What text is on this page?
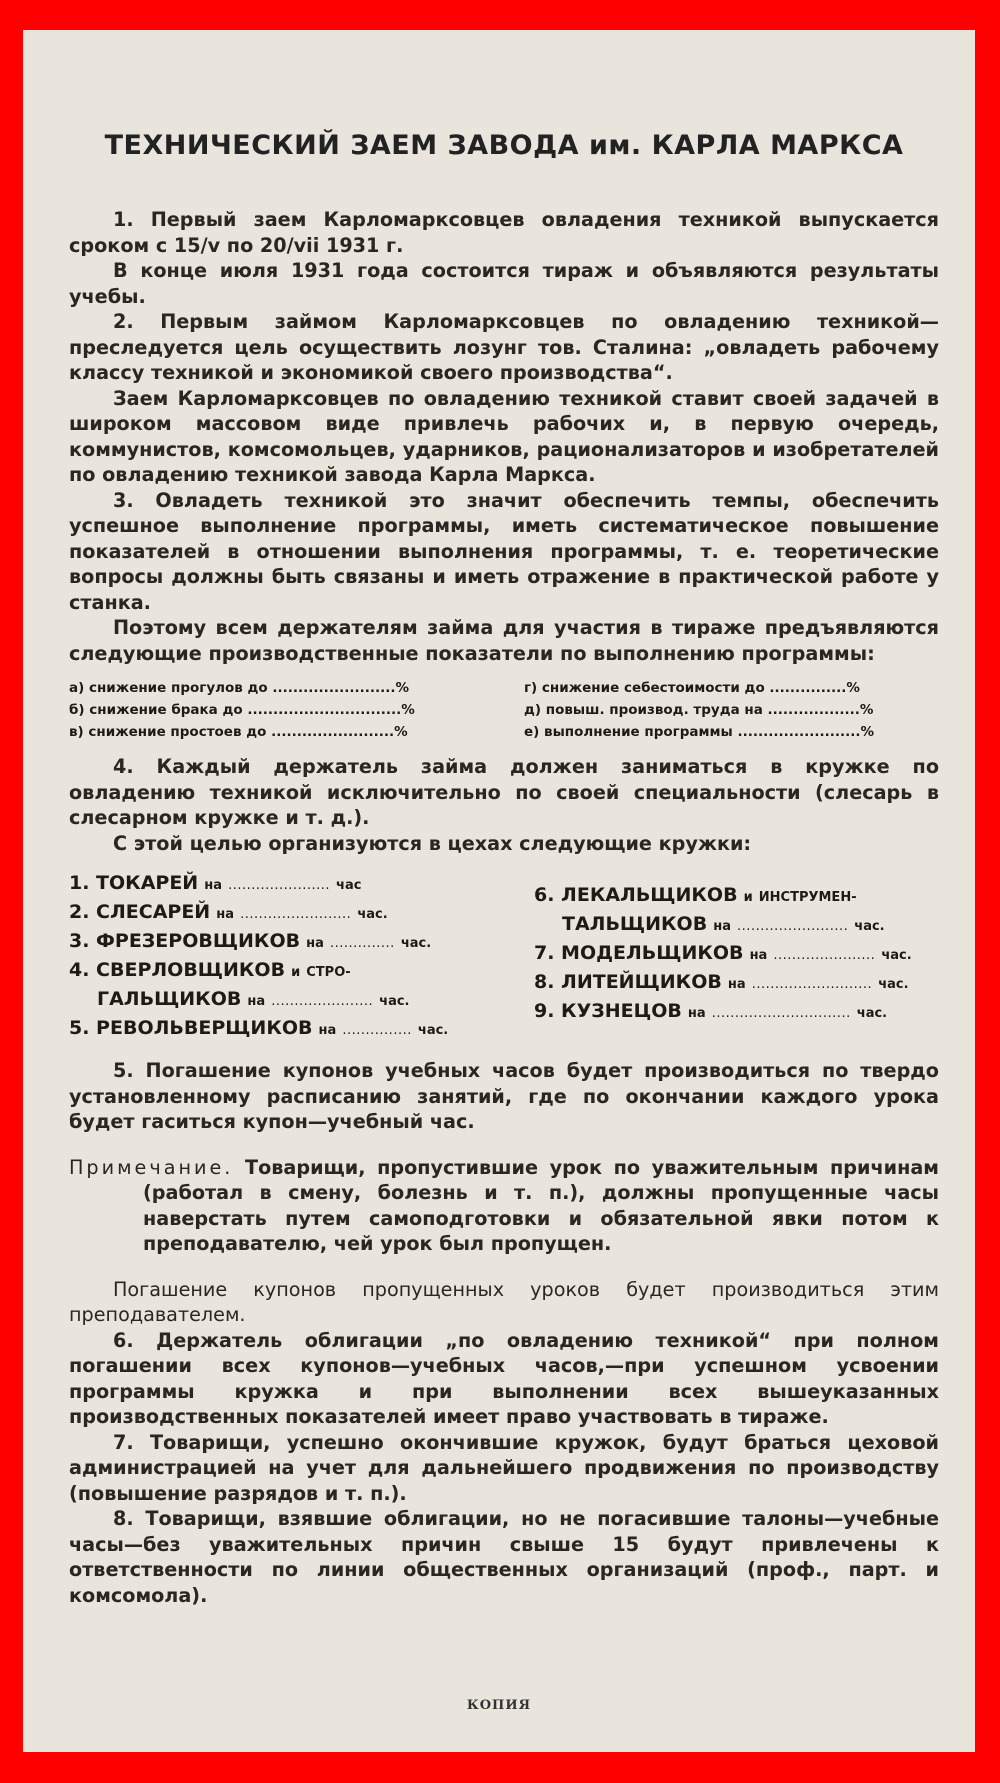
ТЕХНИЧЕСКИЙ ЗАЕМ ЗАВОДА им. КАРЛА МАРКСА

1. Первый заем Карломарксовцев овладения техникой выпускается сроком с 15/v по 20/vii 1931 г.

В конце июля 1931 года состоится тираж и объявляются результаты учебы.

2. Первым займом Карломарксовцев по овладению техникой—преследуется цель осуществить лозунг тов. Сталина: „овладеть рабочему классу техникой и экономикой своего производства“.

Заем Карломарксовцев по овладению техникой ставит своей задачей в широком массовом виде привлечь рабочих и, в первую очередь, коммунистов, комсомольцев, ударников, рационализаторов и изобретателей по овладению техникой завода Карла Маркса.

3. Овладеть техникой это значит обеспечить темпы, обеспечить успешное выполнение программы, иметь систематическое повышение показателей в отношении выполнения программы, т. е. теоретические вопросы должны быть связаны и иметь отражение в практической работе у станка.

Поэтому всем держателям займа для участия в тираже предъявляются следующие производственные показатели по выполнению программы:

а) снижение прогулов до ........................%	г) снижение себестоимости до ...............%
б) снижение брака до ..............................%	д) повыш. производ. труда на ..................%
в) снижение простоев до ........................%	е) выполнение программы ........................%

4. Каждый держатель займа должен заниматься в кружке по овладению техникой исключительно по своей специальности (слесарь в слесарном кружке и т. д.).

С этой целью организуются в цехах следующие кружки:

1. ТОКАРЕЙ на ...................... час
2. СЛЕСАРЕЙ на ........................ час.
3. ФРЕЗЕРОВЩИКОВ на .............. час.
4. СВЕРЛОВЩИКОВ и СТРО-
ГАЛЬЩИКОВ на ...................... час.
5. РЕВОЛЬВЕРЩИКОВ на ............... час.
6. ЛЕКАЛЬЩИКОВ и ИНСТРУМЕН-
ТАЛЬЩИКОВ на ........................ час.
7. МОДЕЛЬЩИКОВ на ...................... час.
8. ЛИТЕЙЩИКОВ на .......................... час.
9. КУЗНЕЦОВ на .............................. час.

5. Погашение купонов учебных часов будет производиться по твердо установленному расписанию занятий, где по окончании каждого урока будет гаситься купон—учебный час.

Примечание. Товарищи, пропустившие урок по уважительным причинам (работал в смену, болезнь и т. п.), должны пропущенные часы наверстать путем самоподготовки и обязательной явки потом к преподавателю, чей урок был пропущен.

Погашение купонов пропущенных уроков будет производиться этим преподавателем.

6. Держатель облигации „по овладению техникой“ при полном погашении всех купонов—учебных часов,—при успешном усвоении программы кружка и при выполнении всех вышеуказанных производственных показателей имеет право участвовать в тираже.

7. Товарищи, успешно окончившие кружок, будут браться цеховой администрацией на учет для дальнейшего продвижения по производству (повышение разрядов и т. п.).

8. Товарищи, взявшие облигации, но не погасившие талоны—учебные часы—без уважительных причин свыше 15 будут привлечены к ответственности по линии общественных организаций (проф., парт. и комсомола).

КОПИЯ
